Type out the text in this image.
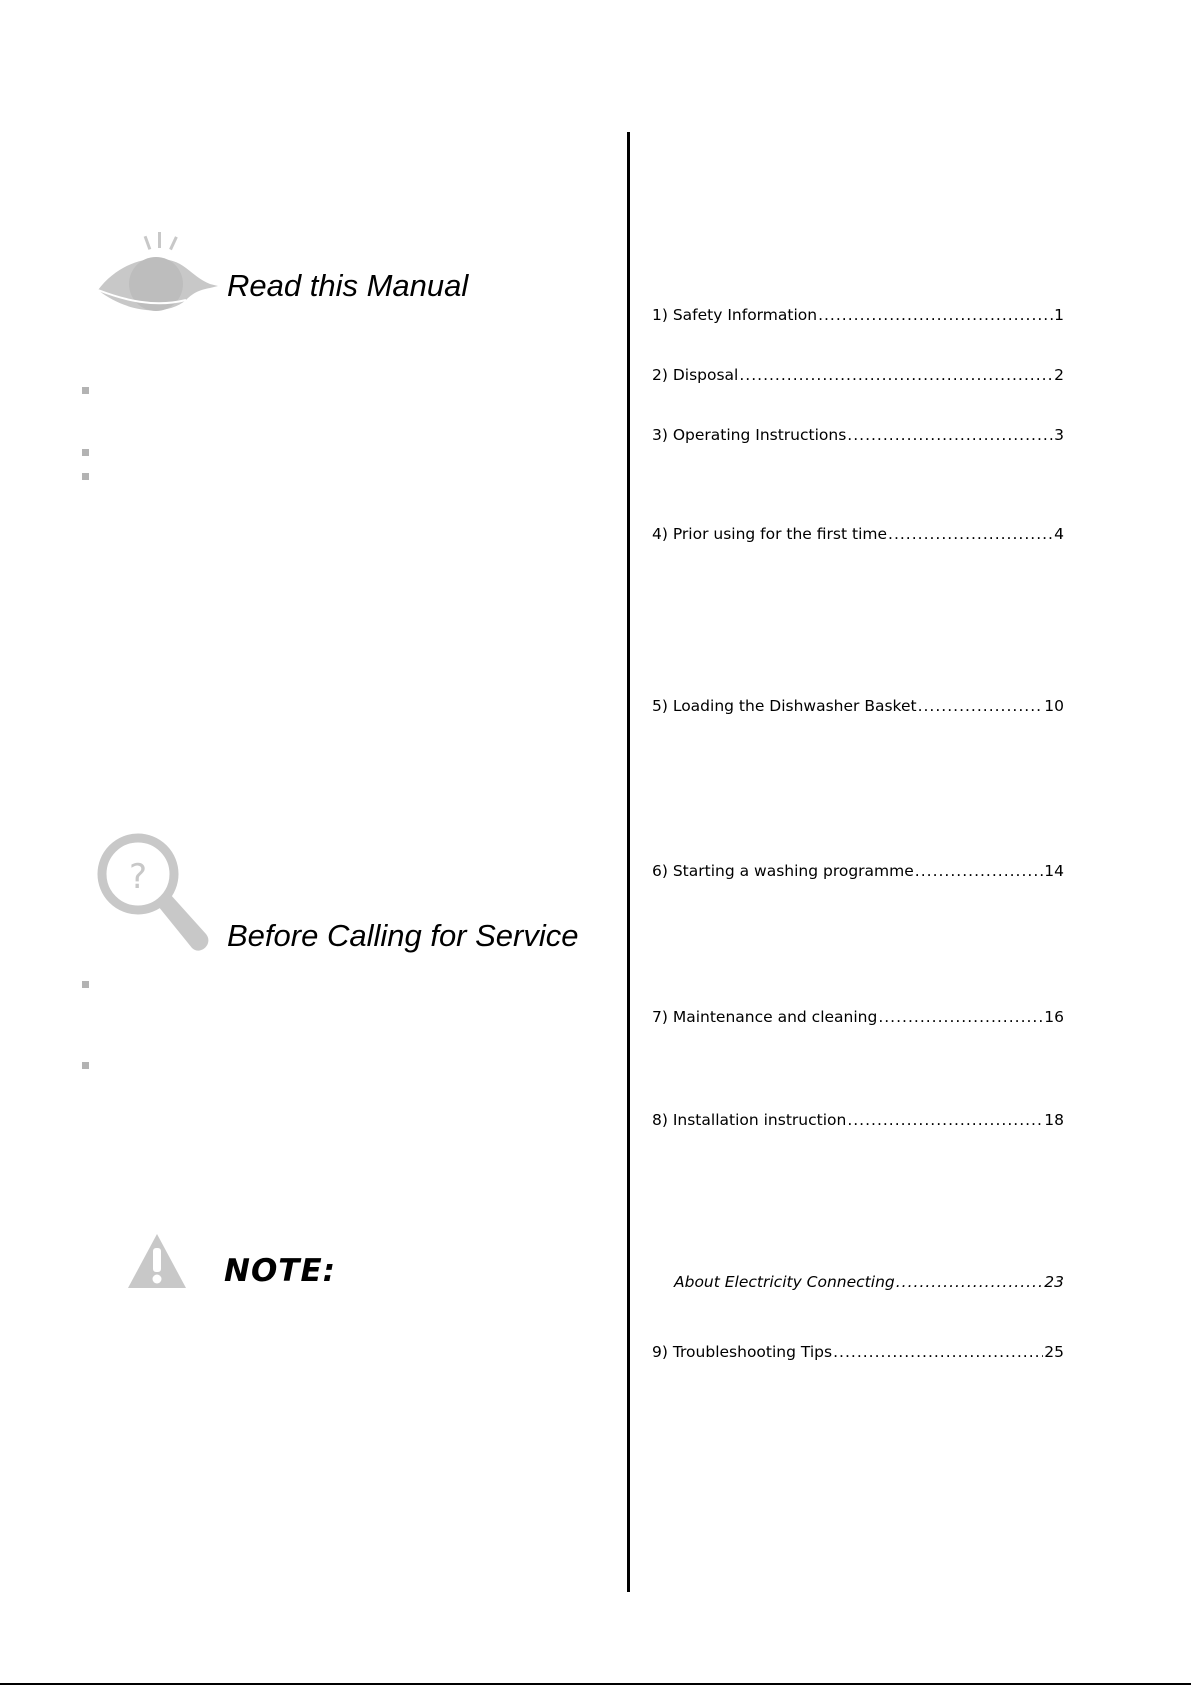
Read this Manual
?
Before Calling for Service
NOTE:
1) Safety Information .....	1
2) Disposal .....	2
3) Operating Instructions .....	3
4) Prior using for the first time .....	4
5) Loading the Dishwasher Basket .....	10
6) Starting a washing programme .....	14
7) Maintenance and cleaning .....	16
8) Installation instruction .....	18
About Electricity Connecting .....	23
9) Troubleshooting Tips .....	25
